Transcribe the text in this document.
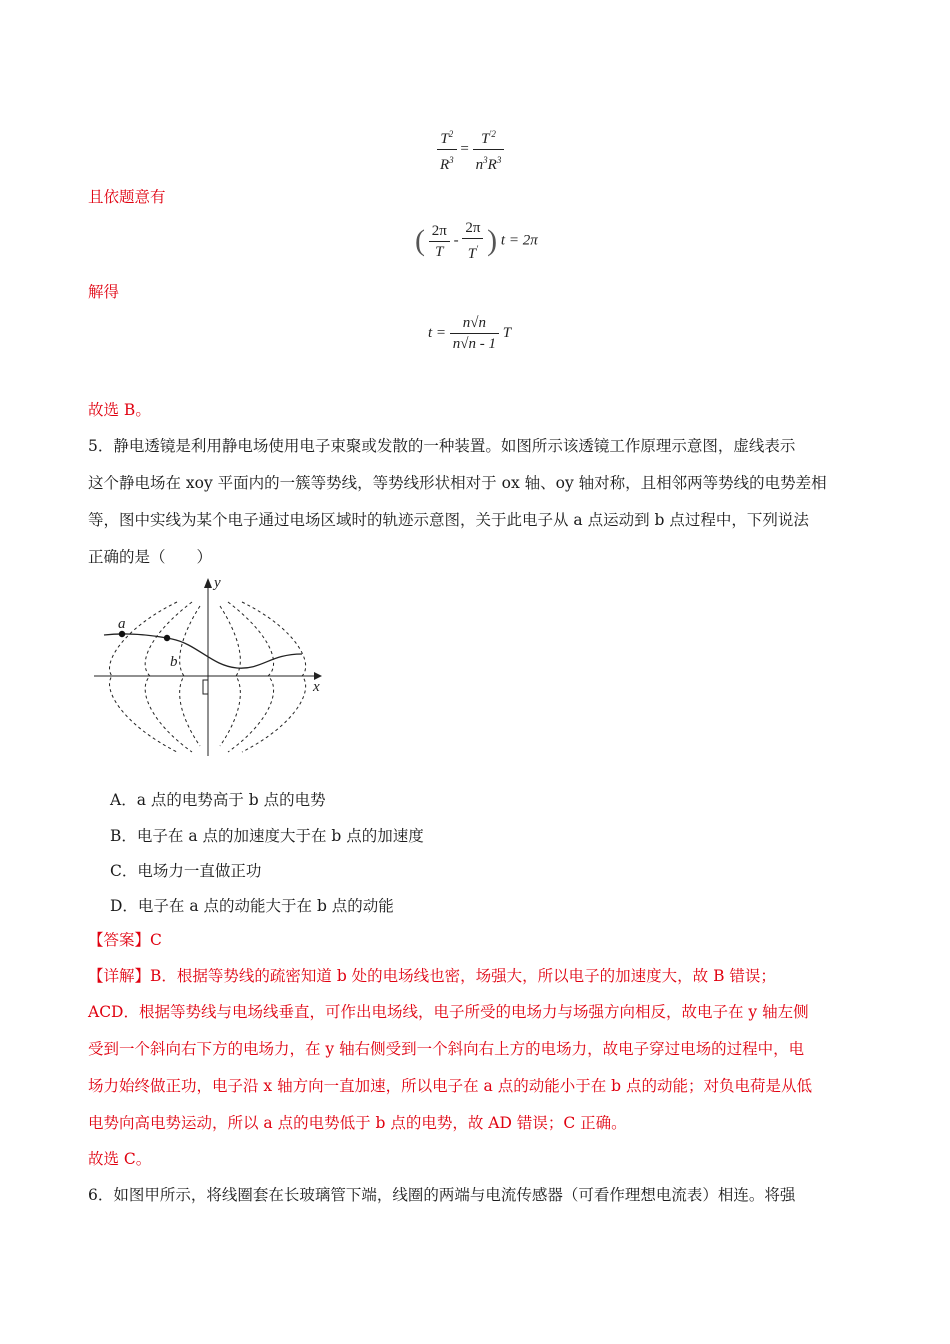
$\frac{T^2}{R^3} = \frac{T^{'2}}{n^3R^3}$
且依题意有
( $\frac{2\pi}{T} - \frac{2\pi}{T'}$ ) t = 2π
解得
$t = \frac{n√n}{n√n - 1}$ T
故选 B。
5．静电透镜是利用静电场使用电子束聚或发散的一种装置。如图所示该透镜工作原理示意图，虚线表示
这个静电场在 xoy 平面内的一簇等势线，等势线形状相对于 ox 轴、oy 轴对称，且相邻两等势线的电势差相
等，图中实线为某个电子通过电场区域时的轨迹示意图，关于此电子从 a 点运动到 b 点过程中，下列说法
正确的是（　　）
a
b
y
x
A．a 点的电势高于 b 点的电势
B．电子在 a 点的加速度大于在 b 点的加速度
C．电场力一直做正功
D．电子在 a 点的动能大于在 b 点的动能
【答案】C
【详解】B．根据等势线的疏密知道 b 处的电场线也密，场强大，所以电子的加速度大，故 B 错误；
ACD．根据等势线与电场线垂直，可作出电场线，电子所受的电场力与场强方向相反，故电子在 y 轴左侧
受到一个斜向右下方的电场力，在 y 轴右侧受到一个斜向右上方的电场力，故电子穿过电场的过程中，电
场力始终做正功，电子沿 x 轴方向一直加速，所以电子在 a 点的动能小于在 b 点的动能；对负电荷是从低
电势向高电势运动，所以 a 点的电势低于 b 点的电势，故 AD 错误；C 正确。
故选 C。
6．如图甲所示，将线圈套在长玻璃管下端，线圈的两端与电流传感器（可看作理想电流表）相连。将强
